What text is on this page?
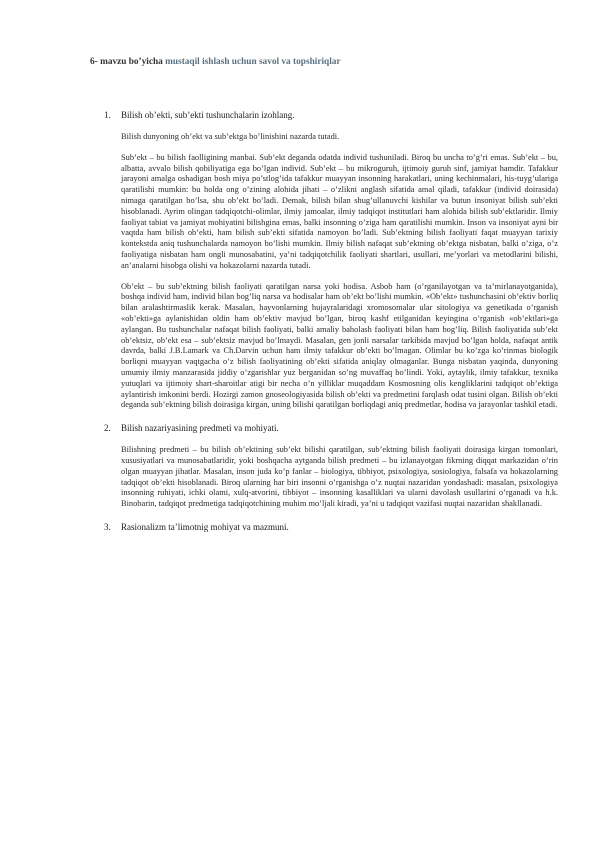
6- mavzu bo’yicha mustaqil ishlash uchun savol va topshiriqlar
1. Bilish ob’ekti, sub’ekti tushunchalarin izohlang.

Bilish dunyoning ob’ekt va sub’ektga bo’linishini nazarda tutadi.

Sub’ekt – bu bilish faolligining manbai. Sub’ekt deganda odatda individ tushuniladi. Biroq bu uncha to’g’ri emas. Sub’ekt – bu, albatta, avvalo bilish qobiliyatiga ega bo’lgan individ. Sub’ekt – bu mikroguruh, ijtimoiy guruh sinf, jamiyat hamdir. Tafakkur jarayoni amalga oshadigan bosh miya po’stlog’ida tafakkur muayyan insonning harakatlari, uning kechinmalari, his-tuyg’ulariga qaratilishi mumkin: bu holda ong o’zining alohida jihati – o’zlikni anglash sifatida amal qiladi, tafakkur (individ doirasida) nimaga qaratilgan bo’lsa, shu ob’ekt bo’ladi. Demak, bilish bilan shug’ullanuvchi kishilar va butun insoniyat bilish sub’ekti hisoblanadi. Ayrim olingan tadqiqotchi-olimlar, ilmiy jamoalar, ilmiy tadqiqot institutlari ham alohida bilish sub’ektlaridir. Ilmiy faoliyat tabiat va jamiyat mohiyatini bilishgina emas, balki insonning o’ziga ham qaratilishi mumkin. Inson va insoniyat ayni bir vaqtda ham bilish ob’ekti, ham bilish sub’ekti sifatida namoyon bo’ladi. Sub’ektning bilish faoliyati faqat muayyan tarixiy kontekstda aniq tushunchalarda namoyon bo’lishi mumkin. Ilmiy bilish nafaqat sub’ektning ob’ektga nisbatan, balki o’ziga, o’z faoliyatiga nisbatan ham ongli munosabatini, ya’ni tadqiqotchilik faoliyati shartlari, usullari, me’yorlari va metodlarini bilishi, an’analarni hisobga olishi va hokazolarni nazarda tutadi.

Ob’ekt – bu sub’ektning bilish faoliyati qaratilgan narsa yoki hodisa. Asbob ham (o’rganilayotgan va ta’mirlanayotganida), boshqa individ ham, individ bilan bog’liq narsa va hodisalar ham ob’ekt bo’lishi mumkin. «Ob’ekt» tushunchasini ob’ektiv borliq bilan aralashtirmaslik kerak. Masalan, hayvonlarning hujayralaridagi xromosomalar ular sitologiya va genetikada o’rganish «ob’ekti»ga aylanishidan oldin ham ob’ektiv mavjud bo’lgan, biroq kashf etilganidan keyingina o’rganish «ob’ektlari»ga aylangan. Bu tushunchalar nafaqat bilish faoliyati, balki amaliy baholash faoliyati bilan ham bog’liq. Bilish faoliyatida sub’ekt ob’ektsiz, ob’ekt esa – sub’ektsiz mavjud bo’lmaydi. Masalan, gen jonli narsalar tarkibida mavjud bo’lgan holda, nafaqat antik davrda, balki J.B.Lamark va Ch.Darvin uchun ham ilmiy tafakkur ob’ekti bo’lmagan. Olimlar bu ko’zga ko’rinmas biologik borliqni muayyan vaqtgacha o’z bilish faoliyatining ob’ekti sifatida aniqlay olmaganlar. Bunga nisbatan yaqinda, dunyoning umumiy ilmiy manzarasida jiddiy o’zgarishlar yuz berganidan so’ng muvaffaq bo’lindi. Yoki, aytaylik, ilmiy tafakkur, texnika yutuqlari va ijtimoiy shart-sharoitlar atigi bir necha o’n yilliklar muqaddam Kosmosning olis kengliklarini tadqiqot ob’ektiga aylantirish imkonini berdi. Hozirgi zamon gnoseologiyasida bilish ob’ekti va predmetini farqlash odat tusini olgan. Bilish ob’ekti deganda sub’ektning bilish doirasiga kirgan, uning bilishi qaratilgan borliqdagi aniq predmetlar, hodisa va jarayonlar tashkil etadi.

2. Bilish nazariyasining predmeti va mohiyati.

Bilishning predmeti – bu bilish ob’ektining sub’ekt bilishi qaratilgan, sub’ektning bilish faoliyati doirasiga kirgan tomonlari, xususiyatlari va munosabatlaridir, yoki boshqacha aytganda bilish predmeti – bu izlanayotgan fikrning diqqat markazidan o’rin olgan muayyan jihatlar. Masalan, inson juda ko’p fanlar – biologiya, tibbiyot, psixologiya, sosiologiya, falsafa va hokazolarning tadqiqot ob’ekti hisoblanadi. Biroq ularning har biri insonni o’rganishga o’z nuqtai nazaridan yondashadi: masalan, psixologiya insonning ruhiyati, ichki olami, xulq-atvorini, tibbiyot – insonning kasalliklari va ularni davolash usullarini o’rganadi va h.k. Binobarin, tadqiqot predmetiga tadqiqotchining muhim mo’ljali kiradi, ya’ni u tadqiqot vazifasi nuqtai nazaridan shakllanadi.

3. Rasionalizm ta’limotnig mohiyat va mazmuni.
